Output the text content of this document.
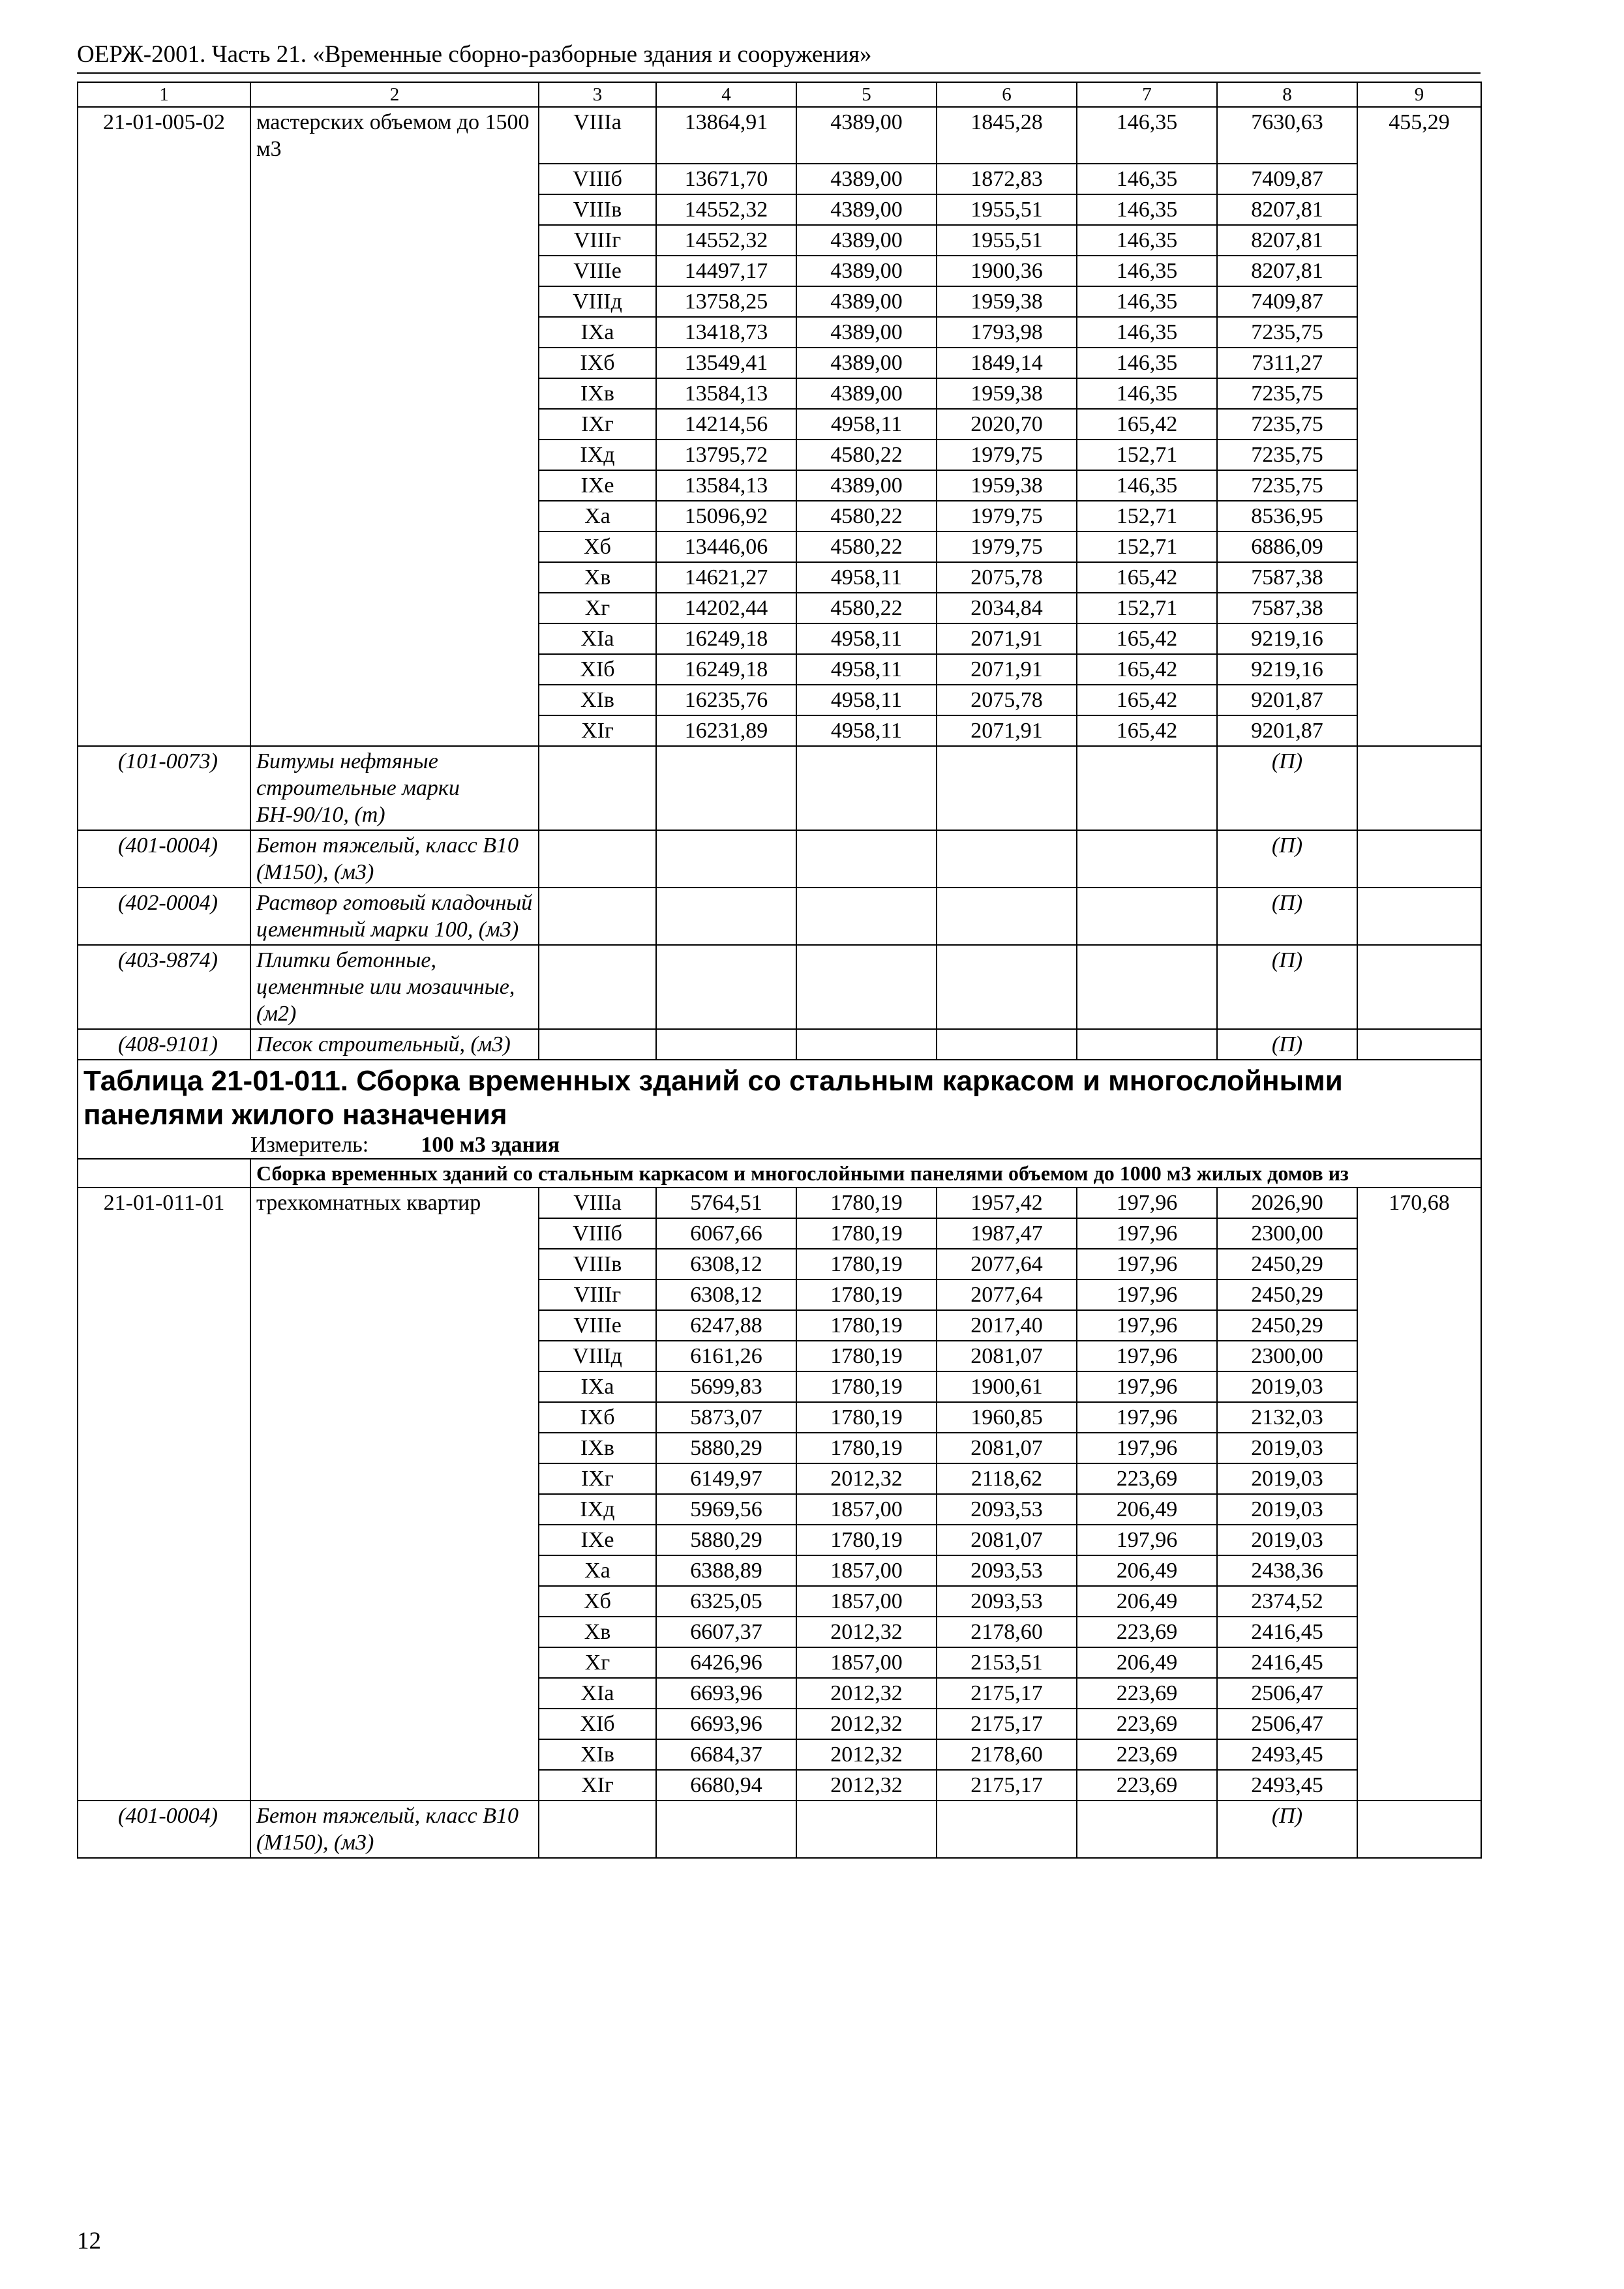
ОЕРЖ-2001. Часть 21. «Временные сборно-разборные здания и сооружения»
1	2	3	4	5	6	7	8	9
21-01-005-02	мастерских объемом до 1500 м3	VIIIа	13864,91	4389,00	1845,28	146,35	7630,63	455,29
		VIIIб	13671,70	4389,00	1872,83	146,35	7409,87	
		VIIIв	14552,32	4389,00	1955,51	146,35	8207,81	
		VIIIг	14552,32	4389,00	1955,51	146,35	8207,81	
		VIIIе	14497,17	4389,00	1900,36	146,35	8207,81	
		VIIIд	13758,25	4389,00	1959,38	146,35	7409,87	
		IXа	13418,73	4389,00	1793,98	146,35	7235,75	
		IXб	13549,41	4389,00	1849,14	146,35	7311,27	
		IXв	13584,13	4389,00	1959,38	146,35	7235,75	
		IXг	14214,56	4958,11	2020,70	165,42	7235,75	
		IXд	13795,72	4580,22	1979,75	152,71	7235,75	
		IXе	13584,13	4389,00	1959,38	146,35	7235,75	
		Xа	15096,92	4580,22	1979,75	152,71	8536,95	
		Xб	13446,06	4580,22	1979,75	152,71	6886,09	
		Xв	14621,27	4958,11	2075,78	165,42	7587,38	
		Xг	14202,44	4580,22	2034,84	152,71	7587,38	
		XIа	16249,18	4958,11	2071,91	165,42	9219,16	
		XIб	16249,18	4958,11	2071,91	165,42	9219,16	
		XIв	16235,76	4958,11	2075,78	165,42	9201,87	
		XIг	16231,89	4958,11	2071,91	165,42	9201,87	
(101-0073)	Битумы нефтяные строительные марки БН-90/10, (т)						(П)	
(401-0004)	Бетон тяжелый, класс В10 (М150), (м3)						(П)	
(402-0004)	Раствор готовый кладочный цементный марки 100, (м3)						(П)	
(403-9874)	Плитки бетонные, цементные или мозаичные, (м2)						(П)	
(408-9101)	Песок строительный, (м3)						(П)	

Таблица 21-01-011. Сборка временных зданий со стальным каркасом и многослойными панелями жилого назначения
Измеритель: 100 м3 здания								

	Сборка временных зданий со стальным каркасом и многослойными панелями объемом до 1000 м3 жилых домов из							
21-01-011-01	трехкомнатных квартир	VIIIа	5764,51	1780,19	1957,42	197,96	2026,90	170,68
		VIIIб	6067,66	1780,19	1987,47	197,96	2300,00	
		VIIIв	6308,12	1780,19	2077,64	197,96	2450,29	
		VIIIг	6308,12	1780,19	2077,64	197,96	2450,29	
		VIIIе	6247,88	1780,19	2017,40	197,96	2450,29	
		VIIIд	6161,26	1780,19	2081,07	197,96	2300,00	
		IXа	5699,83	1780,19	1900,61	197,96	2019,03	
		IXб	5873,07	1780,19	1960,85	197,96	2132,03	
		IXв	5880,29	1780,19	2081,07	197,96	2019,03	
		IXг	6149,97	2012,32	2118,62	223,69	2019,03	
		IXд	5969,56	1857,00	2093,53	206,49	2019,03	
		IXе	5880,29	1780,19	2081,07	197,96	2019,03	
		Xа	6388,89	1857,00	2093,53	206,49	2438,36	
		Xб	6325,05	1857,00	2093,53	206,49	2374,52	
		Xв	6607,37	2012,32	2178,60	223,69	2416,45	
		Xг	6426,96	1857,00	2153,51	206,49	2416,45	
		XIа	6693,96	2012,32	2175,17	223,69	2506,47	
		XIб	6693,96	2012,32	2175,17	223,69	2506,47	
		XIв	6684,37	2012,32	2178,60	223,69	2493,45	
		XIг	6680,94	2012,32	2175,17	223,69	2493,45	
(401-0004)	Бетон тяжелый, класс В10 (М150), (м3)						(П)	
12
